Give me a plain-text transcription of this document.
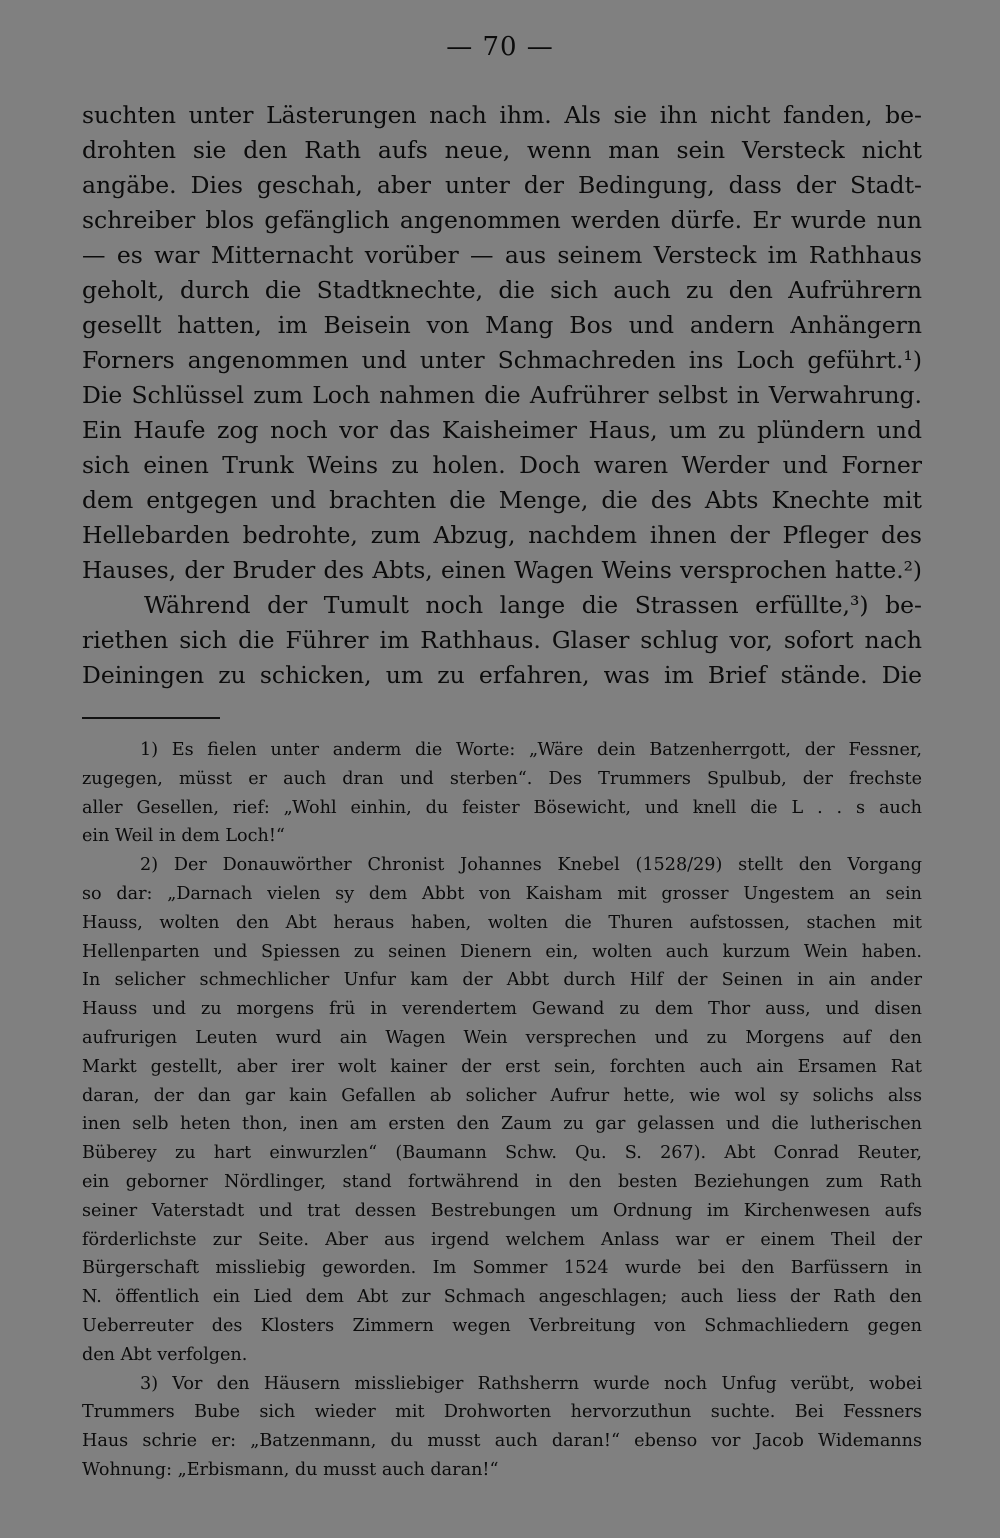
— 70 —
suchten unter Lästerungen nach ihm. Als sie ihn nicht fanden, be-
drohten sie den Rath aufs neue, wenn man sein Versteck nicht
angäbe. Dies geschah, aber unter der Bedingung, dass der Stadt-
schreiber blos gefänglich angenommen werden dürfe. Er wurde nun
— es war Mitternacht vorüber — aus seinem Versteck im Rathhaus
geholt, durch die Stadtknechte, die sich auch zu den Aufrührern
gesellt hatten, im Beisein von Mang Bos und andern Anhängern
Forners angenommen und unter Schmachreden ins Loch geführt.¹)
Die Schlüssel zum Loch nahmen die Aufrührer selbst in Verwahrung.
Ein Haufe zog noch vor das Kaisheimer Haus, um zu plündern und
sich einen Trunk Weins zu holen. Doch waren Werder und Forner
dem entgegen und brachten die Menge, die des Abts Knechte mit
Hellebarden bedrohte, zum Abzug, nachdem ihnen der Pfleger des
Hauses, der Bruder des Abts, einen Wagen Weins versprochen hatte.²)
Während der Tumult noch lange die Strassen erfüllte,³) be-
riethen sich die Führer im Rathhaus. Glaser schlug vor, sofort nach
Deiningen zu schicken, um zu erfahren, was im Brief stände. Die
1) Es fielen unter anderm die Worte: „Wäre dein Batzenherrgott, der Fessner,
zugegen, müsst er auch dran und sterben“. Des Trummers Spulbub, der frechste
aller Gesellen, rief: „Wohl einhin, du feister Bösewicht, und knell die L . . s auch
ein Weil in dem Loch!“
2) Der Donauwörther Chronist Johannes Knebel (1528/29) stellt den Vorgang
so dar: „Darnach vielen sy dem Abbt von Kaisham mit grosser Ungestem an sein
Hauss, wolten den Abt heraus haben, wolten die Thuren aufstossen, stachen mit
Hellenparten und Spiessen zu seinen Dienern ein, wolten auch kurzum Wein haben.
In selicher schmechlicher Unfur kam der Abbt durch Hilf der Seinen in ain ander
Hauss und zu morgens frü in verendertem Gewand zu dem Thor auss, und disen
aufrurigen Leuten wurd ain Wagen Wein versprechen und zu Morgens auf den
Markt gestellt, aber irer wolt kainer der erst sein, forchten auch ain Ersamen Rat
daran, der dan gar kain Gefallen ab solicher Aufrur hette, wie wol sy solichs alss
inen selb heten thon, inen am ersten den Zaum zu gar gelassen und die lutherischen
Büberey zu hart einwurzlen“ (Baumann Schw. Qu. S. 267). Abt Conrad Reuter,
ein geborner Nördlinger, stand fortwährend in den besten Beziehungen zum Rath
seiner Vaterstadt und trat dessen Bestrebungen um Ordnung im Kirchenwesen aufs
förderlichste zur Seite. Aber aus irgend welchem Anlass war er einem Theil der
Bürgerschaft missliebig geworden. Im Sommer 1524 wurde bei den Barfüssern in
N. öffentlich ein Lied dem Abt zur Schmach angeschlagen; auch liess der Rath den
Ueberreuter des Klosters Zimmern wegen Verbreitung von Schmachliedern gegen
den Abt verfolgen.
3) Vor den Häusern missliebiger Rathsherrn wurde noch Unfug verübt, wobei
Trummers Bube sich wieder mit Drohworten hervorzuthun suchte. Bei Fessners
Haus schrie er: „Batzenmann, du musst auch daran!“ ebenso vor Jacob Widemanns
Wohnung: „Erbismann, du musst auch daran!“
